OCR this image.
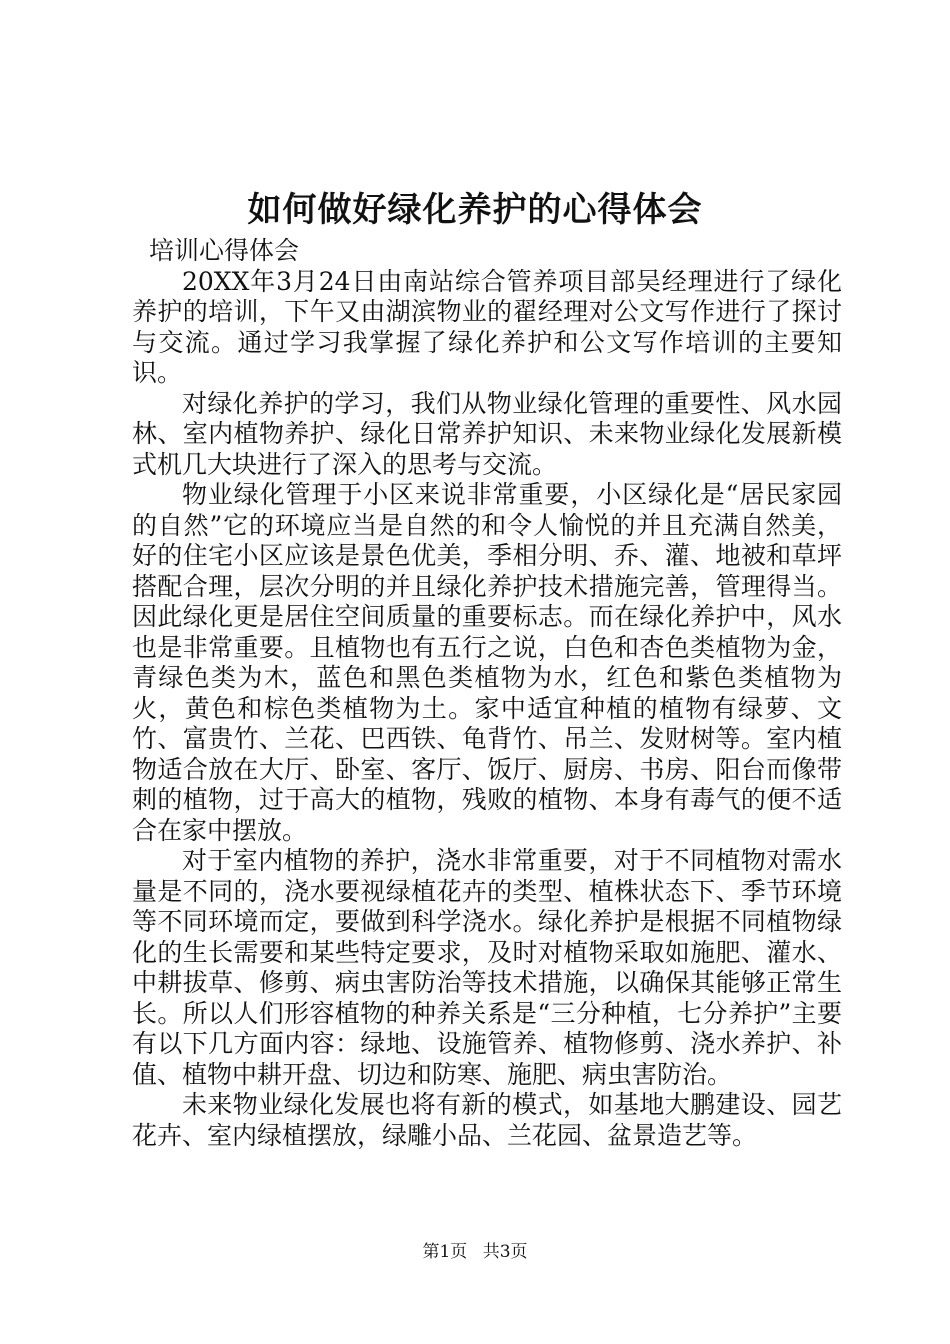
如何做好绿化养护的心得体会

培训心得体会

20XX年3月24日由南站综合管养项目部吴经理进行了绿化养护的培训，下午又由湖滨物业的翟经理对公文写作进行了探讨与交流。通过学习我掌握了绿化养护和公文写作培训的主要知识。

对绿化养护的学习，我们从物业绿化管理的重要性、风水园林、室内植物养护、绿化日常养护知识、未来物业绿化发展新模式机几大块进行了深入的思考与交流。

物业绿化管理于小区来说非常重要，小区绿化是“居民家园的自然”它的环境应当是自然的和令人愉悦的并且充满自然美，好的住宅小区应该是景色优美，季相分明、乔、灌、地被和草坪搭配合理，层次分明的并且绿化养护技术措施完善，管理得当。因此绿化更是居住空间质量的重要标志。而在绿化养护中，风水也是非常重要。且植物也有五行之说，白色和杏色类植物为金，青绿色类为木，蓝色和黑色类植物为水，红色和紫色类植物为火，黄色和棕色类植物为土。家中适宜种植的植物有绿萝、文竹、富贵竹、兰花、巴西铁、龟背竹、吊兰、发财树等。室内植物适合放在大厅、卧室、客厅、饭厅、厨房、书房、阳台而像带刺的植物，过于高大的植物，残败的植物、本身有毒气的便不适合在家中摆放。

对于室内植物的养护，浇水非常重要，对于不同植物对需水量是不同的，浇水要视绿植花卉的类型、植株状态下、季节环境等不同环境而定，要做到科学浇水。绿化养护是根据不同植物绿化的生长需要和某些特定要求，及时对植物采取如施肥、灌水、中耕拔草、修剪、病虫害防治等技术措施，以确保其能够正常生长。所以人们形容植物的种养关系是“三分种植，七分养护”主要有以下几方面内容：绿地、设施管养、植物修剪、浇水养护、补值、植物中耕开盘、切边和防寒、施肥、病虫害防治。

未来物业绿化发展也将有新的模式，如基地大鹏建设、园艺花卉、室内绿植摆放，绿雕小品、兰花园、盆景造艺等。

第1页 共3页
